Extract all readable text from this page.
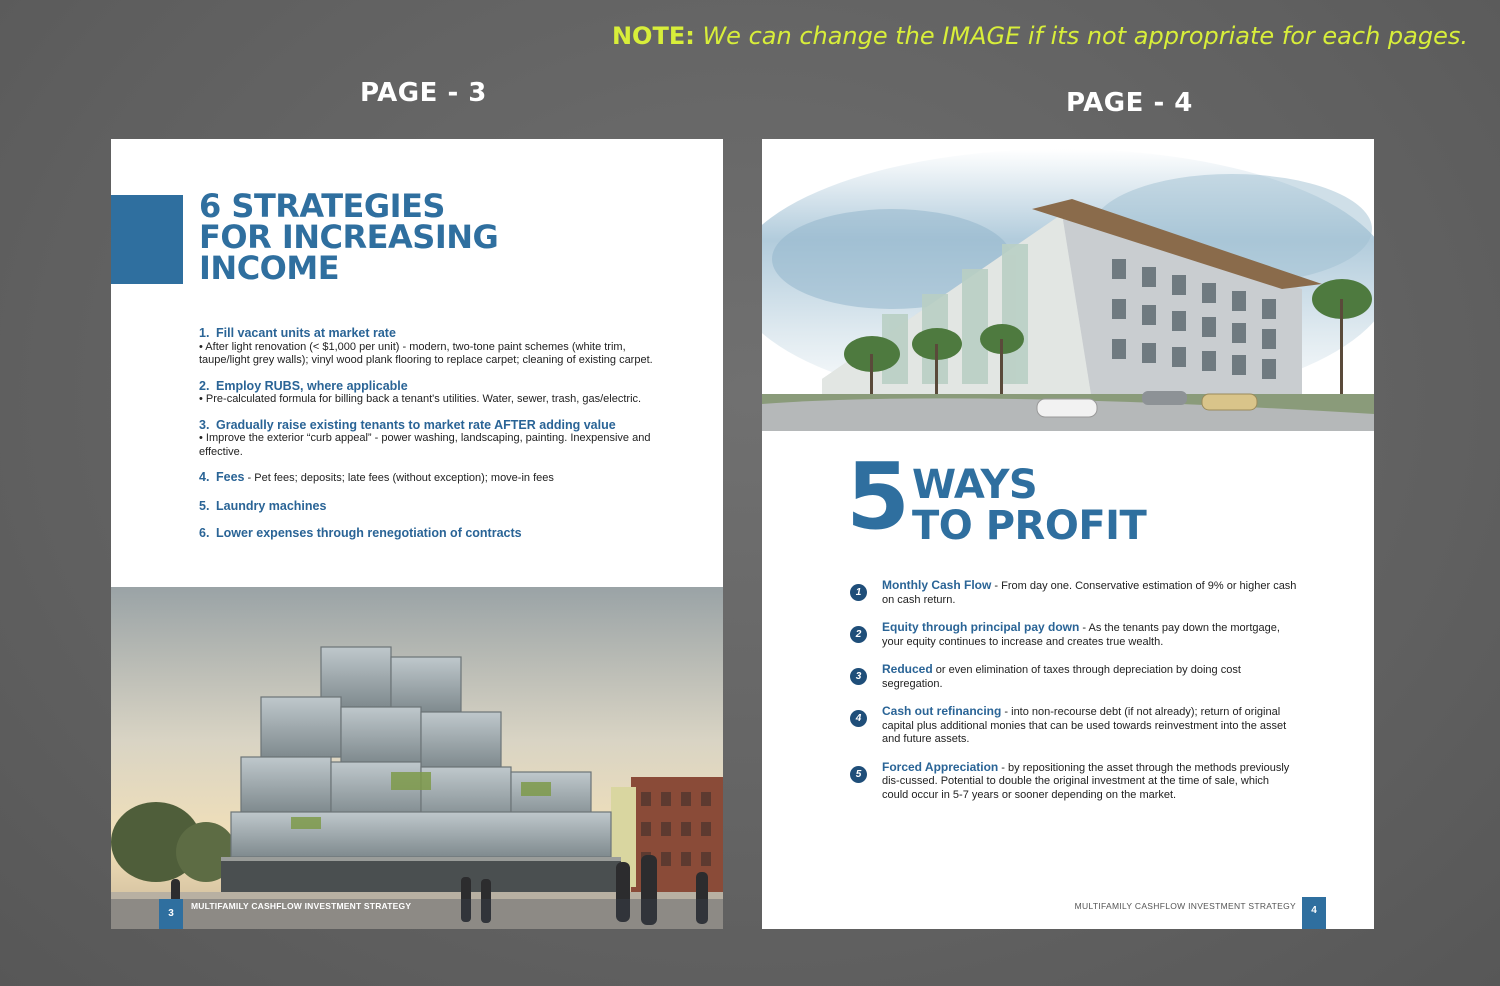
NOTE: We can change the IMAGE if its not appropriate for each pages.
PAGE - 3	PAGE - 4
6 STRATEGIES
FOR INCREASING
INCOME
1. Fill vacant units at market rate
• After light renovation (< $1,000 per unit) - modern, two-tone paint schemes (white trim, taupe/light grey walls); vinyl wood plank flooring to replace carpet; cleaning of existing carpet.
2. Employ RUBS, where applicable
• Pre-calculated formula for billing back a tenant's utilities. Water, sewer, trash, gas/electric.
3. Gradually raise existing tenants to market rate AFTER adding value
• Improve the exterior “curb appeal” - power washing, landscaping, painting. Inexpensive and effective.
4. Fees - Pet fees; deposits; late fees (without exception); move-in fees
5. Laundry machines
6. Lower expenses through renegotiation of contracts
3
MULTIFAMILY CASHFLOW INVESTMENT STRATEGY
5 WAYS
TO PROFIT
1
Monthly Cash Flow - From day one. Conservative estimation of 9% or higher cash on cash return.
2
Equity through principal pay down - As the tenants pay down the mortgage, your equity continues to increase and creates true wealth.
3
Reduced or even elimination of taxes through depreciation by doing cost segregation.
4
Cash out refinancing - into non-recourse debt (if not already); return of original capital plus additional monies that can be used towards reinvestment into the asset and future assets.
5
Forced Appreciation - by repositioning the asset through the methods previously dis-cussed. Potential to double the original investment at the time of sale, which could occur in 5-7 years or sooner depending on the market.
MULTIFAMILY CASHFLOW INVESTMENT STRATEGY	4
